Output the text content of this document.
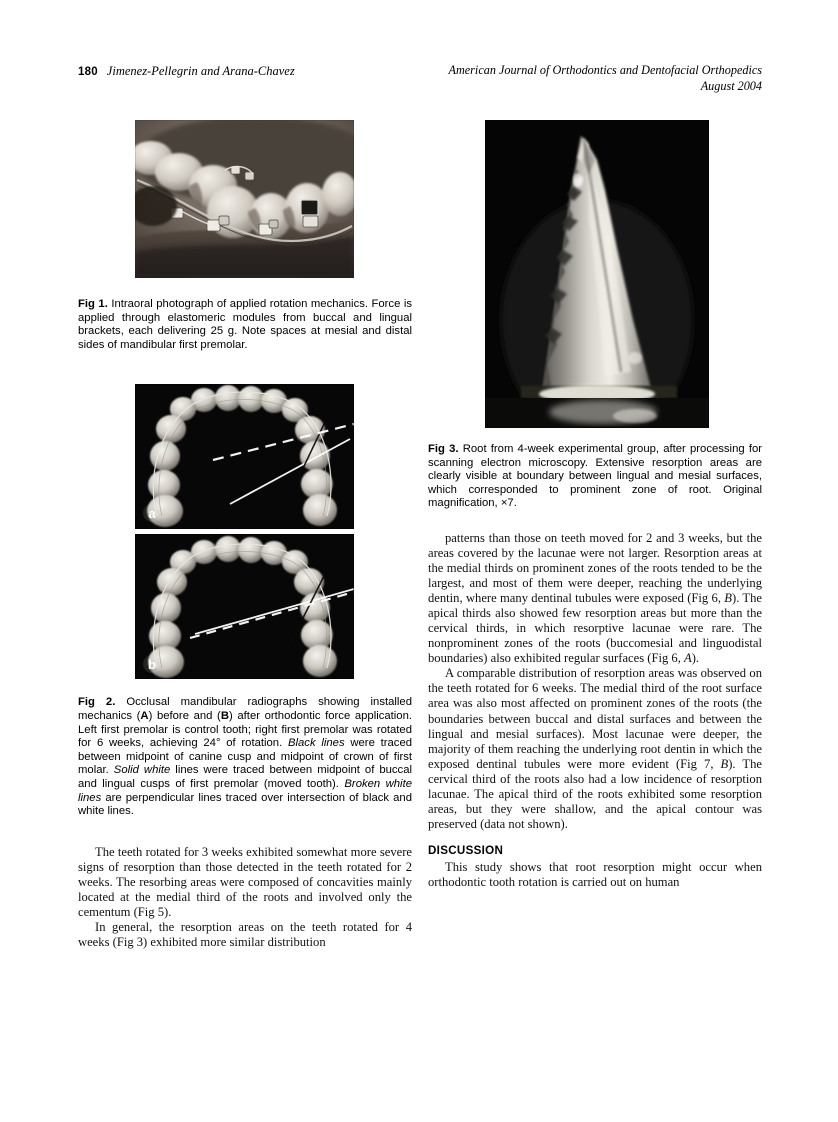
180 Jimenez-Pellegrin and Arana-Chavez	American Journal of Orthodontics and Dentofacial Orthopedics
August 2004

Fig 1. Intraoral photograph of applied rotation mechanics. Force is applied through elastomeric modules from buccal and lingual brackets, each delivering 25 g. Note spaces at mesial and distal sides of mandibular first premolar.

a
b

Fig 2. Occlusal mandibular radiographs showing installed mechanics (A) before and (B) after orthodontic force application. Left first premolar is control tooth; right first premolar was rotated for 6 weeks, achieving 24° of rotation. Black lines were traced between midpoint of canine cusp and midpoint of crown of first molar. Solid white lines were traced between midpoint of buccal and lingual cusps of first premolar (moved tooth). Broken white lines are perpendicular lines traced over intersection of black and white lines.

The teeth rotated for 3 weeks exhibited somewhat more severe signs of resorption than those detected in the teeth rotated for 2 weeks. The resorbing areas were composed of concavities mainly located at the medial third of the roots and involved only the cementum (Fig 5).

In general, the resorption areas on the teeth rotated for 4 weeks (Fig 3) exhibited more similar distribution

Fig 3. Root from 4-week experimental group, after processing for scanning electron microscopy. Extensive resorption areas are clearly visible at boundary between lingual and mesial surfaces, which corresponded to prominent zone of root. Original magnification, ×7.

patterns than those on teeth moved for 2 and 3 weeks, but the areas covered by the lacunae were not larger. Resorption areas at the medial thirds on prominent zones of the roots tended to be the largest, and most of them were deeper, reaching the underlying dentin, where many dentinal tubules were exposed (Fig 6, B). The apical thirds also showed few resorption areas but more than the cervical thirds, in which resorptive lacunae were rare. The nonprominent zones of the roots (buccomesial and linguodistal boundaries) also exhibited regular surfaces (Fig 6, A).

A comparable distribution of resorption areas was observed on the teeth rotated for 6 weeks. The medial third of the root surface area was also most affected on prominent zones of the roots (the boundaries between buccal and distal surfaces and between the lingual and mesial surfaces). Most lacunae were deeper, the majority of them reaching the underlying root dentin in which the exposed dentinal tubules were more evident (Fig 7, B). The cervical third of the roots also had a low incidence of resorption lacunae. The apical third of the roots exhibited some resorption areas, but they were shallow, and the apical contour was preserved (data not shown).

DISCUSSION

This study shows that root resorption might occur when orthodontic tooth rotation is carried out on human
